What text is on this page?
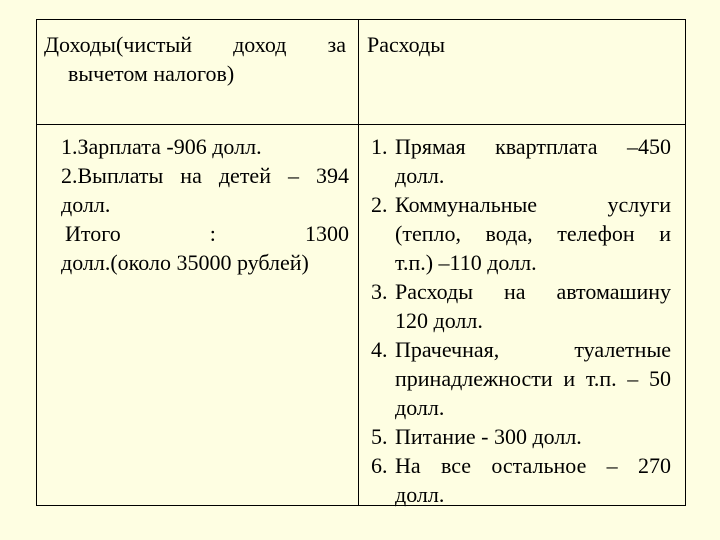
Доходы(чистый доход за
вычетом налогов)
Расходы
1.Зарплата -906 долл.
2.Выплаты на детей – 394
долл.
Итого : 1300
долл.(около 35000 рублей)
1. Прямая квартплата –450
долл.
2. Коммунальные услуги
(тепло, вода, телефон и
т.п.) –110 долл.
3. Расходы на автомашину
120 долл.
4. Прачечная, туалетные
принадлежности и т.п. – 50
долл.
5. Питание - 300 долл.
6. На все остальное – 270
долл.
